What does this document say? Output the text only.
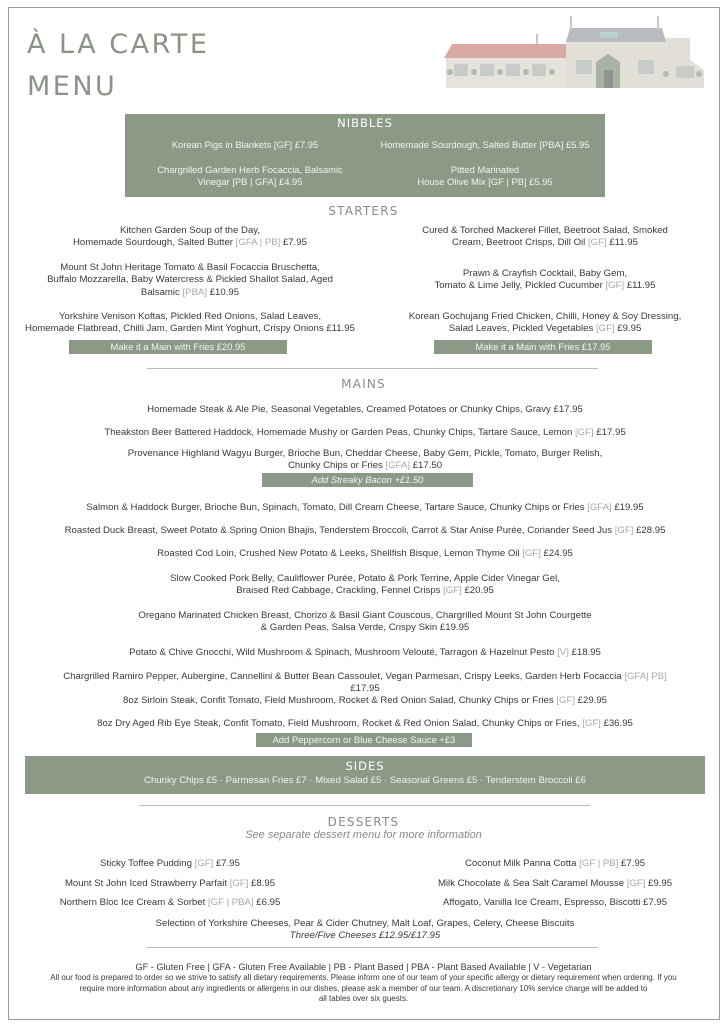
À LA CARTE
MENU
NIBBLES
Korean Pigs in Blankets [GF] £7.95	Homemade Sourdough, Salted Butter [PBA] £5.95
Chargrilled Garden Herb Focaccia, Balsamic
Vinegar [PB | GFA] £4.95
Pitted Marinated
House Olive Mix [GF | PB] £5.95
STARTERS
Kitchen Garden Soup of the Day,
Homemade Sourdough, Salted Butter [GFA | PB] £7.95
Mount St John Heritage Tomato & Basil Focaccia Bruschetta,
Buffalo Mozzarella, Baby Watercress & Pickled Shallot Salad, Aged
Balsamic [PBA] £10.95
Yorkshire Venison Koftas, Pickled Red Onions, Salad Leaves,
Homemade Flatbread, Chilli Jam, Garden Mint Yoghurt, Crispy Onions £11.95
Make it a Main with Fries £20.95
Cured & Torched Mackerel Fillet, Beetroot Salad, Smoked
Cream, Beetroot Crisps, Dill Oil [GF] £11.95
Prawn & Crayfish Cocktail, Baby Gem,
Tomato & Lime Jelly, Pickled Cucumber [GF] £11.95
Korean Gochujang Fried Chicken, Chilli, Honey & Soy Dressing,
Salad Leaves, Pickled Vegetables [GF] £9.95
Make it a Main with Fries £17.95
MAINS
Homemade Steak & Ale Pie, Seasonal Vegetables, Creamed Potatoes or Chunky Chips, Gravy £17.95
Theakston Beer Battered Haddock, Homemade Mushy or Garden Peas, Chunky Chips, Tartare Sauce, Lemon [GF] £17.95
Provenance Highland Wagyu Burger, Brioche Bun, Cheddar Cheese, Baby Gem, Pickle, Tomato, Burger Relish,
Chunky Chips or Fries [GFA] £17.50
Add Streaky Bacon +£1.50
Salmon & Haddock Burger, Brioche Bun, Spinach, Tomato, Dill Cream Cheese, Tartare Sauce, Chunky Chips or Fries [GFA] £19.95
Roasted Duck Breast, Sweet Potato & Spring Onion Bhajis, Tenderstem Broccoli, Carrot & Star Anise Purée, Coriander Seed Jus [GF] £28.95
Roasted Cod Loin, Crushed New Potato & Leeks, Shellfish Bisque, Lemon Thyme Oil [GF] £24.95
Slow Cooked Pork Belly, Cauliflower Purée, Potato & Pork Terrine, Apple Cider Vinegar Gel,
Braised Red Cabbage, Crackling, Fennel Crisps [GF] £20.95
Oregano Marinated Chicken Breast, Chorizo & Basil Giant Couscous, Chargrilled Mount St John Courgette
& Garden Peas, Salsa Verde, Crispy Skin £19.95
Potato & Chive Gnocchi, Wild Mushroom & Spinach, Mushroom Velouté, Tarragon & Hazelnut Pesto [V] £18.95
Chargrilled Ramiro Pepper, Aubergine, Cannellini & Butter Bean Cassoulet, Vegan Parmesan, Crispy Leeks, Garden Herb Focaccia [GFA| PB]
£17.95
8oz Sirloin Steak, Confit Tomato, Field Mushroom, Rocket & Red Onion Salad, Chunky Chips or Fries [GF] £29.95
8oz Dry Aged Rib Eye Steak, Confit Tomato, Field Mushroom, Rocket & Red Onion Salad, Chunky Chips or Fries, [GF] £36.95
Add Peppercorn or Blue Cheese Sauce +£3
SIDES
Chunky Chips £5 · Parmesan Fries £7 · Mixed Salad £5 · Seasonal Greens £5 · Tenderstem Broccoli £6
DESSERTS
See separate dessert menu for more information
Sticky Toffee Pudding [GF] £7.95
Mount St John Iced Strawberry Parfait [GF] £8.95
Northern Bloc Ice Cream & Sorbet [GF | PBA] £6.95
Coconut Milk Panna Cotta [GF | PB] £7.95
Milk Chocolate & Sea Salt Caramel Mousse [GF] £9.95
Affogato, Vanilla Ice Cream, Espresso, Biscotti £7.95
Selection of Yorkshire Cheeses, Pear & Cider Chutney, Malt Loaf, Grapes, Celery, Cheese Biscuits
Three/Five Cheeses £12.95/£17.95
GF - Gluten Free | GFA - Gluten Free Available | PB - Plant Based | PBA - Plant Based Available | V - Vegetarian
All our food is prepared to order so we strive to satisfy all dietary requirements. Please inform one of our team of your specific allergy or dietary requirement when ordering. If you
require more information about any ingredients or allergens in our dishes, please ask a member of our team. A discretionary 10% service charge will be added to
all tables over six guests.
